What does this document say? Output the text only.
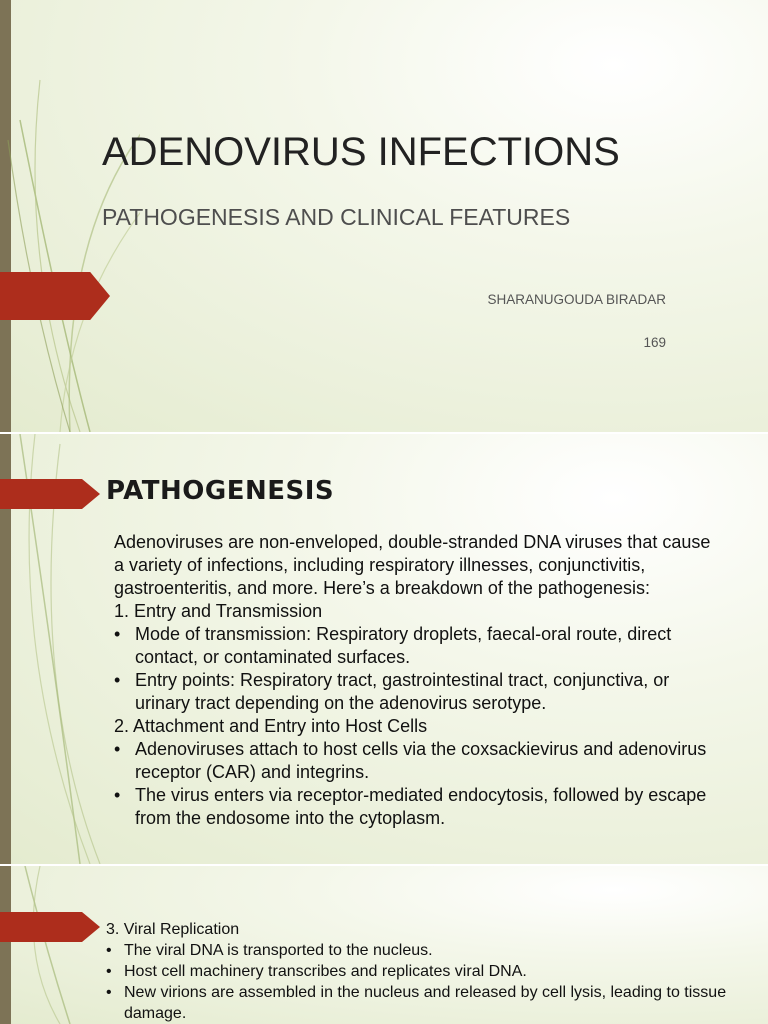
ADENOVIRUS INFECTIONS
PATHOGENESIS AND CLINICAL FEATURES
SHARANUGOUDA BIRADAR
169
PATHOGENESIS

Adenoviruses are non-enveloped, double-stranded DNA viruses that cause a variety of infections, including respiratory illnesses, conjunctivitis, gastroenteritis, and more. Here’s a breakdown of the pathogenesis:

1. Entry and Transmission

• Mode of transmission: Respiratory droplets, faecal-oral route, direct contact, or contaminated surfaces.
• Entry points: Respiratory tract, gastrointestinal tract, conjunctiva, or urinary tract depending on the adenovirus serotype.

2. Attachment and Entry into Host Cells

• Adenoviruses attach to host cells via the coxsackievirus and adenovirus receptor (CAR) and integrins.
• The virus enters via receptor-mediated endocytosis, followed by escape from the endosome into the cytoplasm.

3. Viral Replication

• The viral DNA is transported to the nucleus.
• Host cell machinery transcribes and replicates viral DNA.
• New virions are assembled in the nucleus and released by cell lysis, leading to tissue damage.
